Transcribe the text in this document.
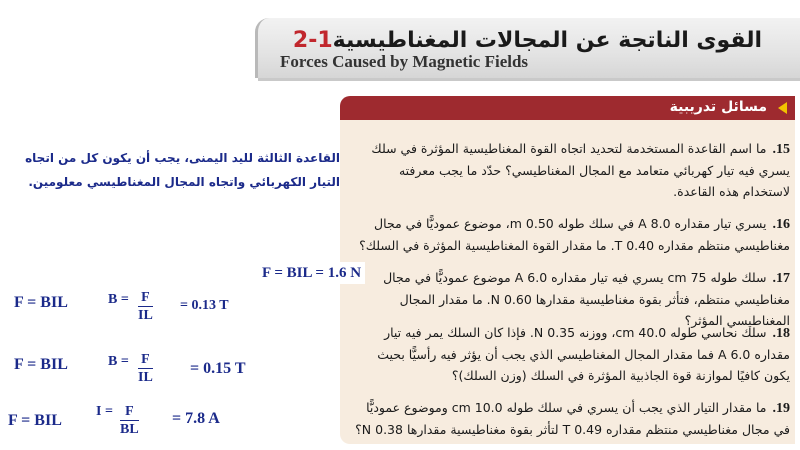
القوى الناتجة عن المجالات المغناطيسية1-2
Forces Caused by Magnetic Fields
مسائل تدريبية

15.ما اسم القاعدة المستخدمة لتحديد اتجاه القوة المغناطيسية المؤثرة في سلك يسري فيه تيار كهربائي متعامد مع المجال المغناطيسي؟ حدّد ما يجب معرفته لاستخدام هذه القاعدة.

16.يسري تيار مقداره 8.0 A في سلك طوله 0.50 m، موضوع عموديًّا في مجال مغناطيسي منتظم مقداره 0.40 T. ما مقدار القوة المغناطيسية المؤثرة في السلك؟

17.سلك طوله 75 cm يسري فيه تيار مقداره 6.0 A موضوع عموديًّا في مجال مغناطيسي منتظم، فتأثر بقوة مغناطيسية مقدارها 0.60 N. ما مقدار المجال المغناطيسي المؤثر؟

18.سلك نحاسي طوله 40.0 cm، ووزنه 0.35 N. فإذا كان السلك يمر فيه تيار مقداره 6.0 A فما مقدار المجال المغناطيسي الذي يجب أن يؤثر فيه رأسيًّا بحيث يكون كافيًا لموازنة قوة الجاذبية المؤثرة في السلك (وزن السلك)؟

19.ما مقدار التيار الذي يجب أن يسري في سلك طوله 10.0 cm وموضوع عموديًّا في مجال مغناطيسي منتظم مقداره 0.49 T لتأثر بقوة مغناطيسية مقدارها 0.38 N؟

القاعدة الثالثة لليد اليمنى، يجب أن يكون كل من اتجاه التيار الكهربائي واتجاه المجال المغناطيسي معلومين.

F = BIL = 1.6 N
F = BIL	$B = \frac{F}{IL} = 0.13$ T
F = BIL	$B = \frac{F}{IL} = 0.15$ T
F = BIL
$I = \frac{F}{BL} = 7.8$ A
